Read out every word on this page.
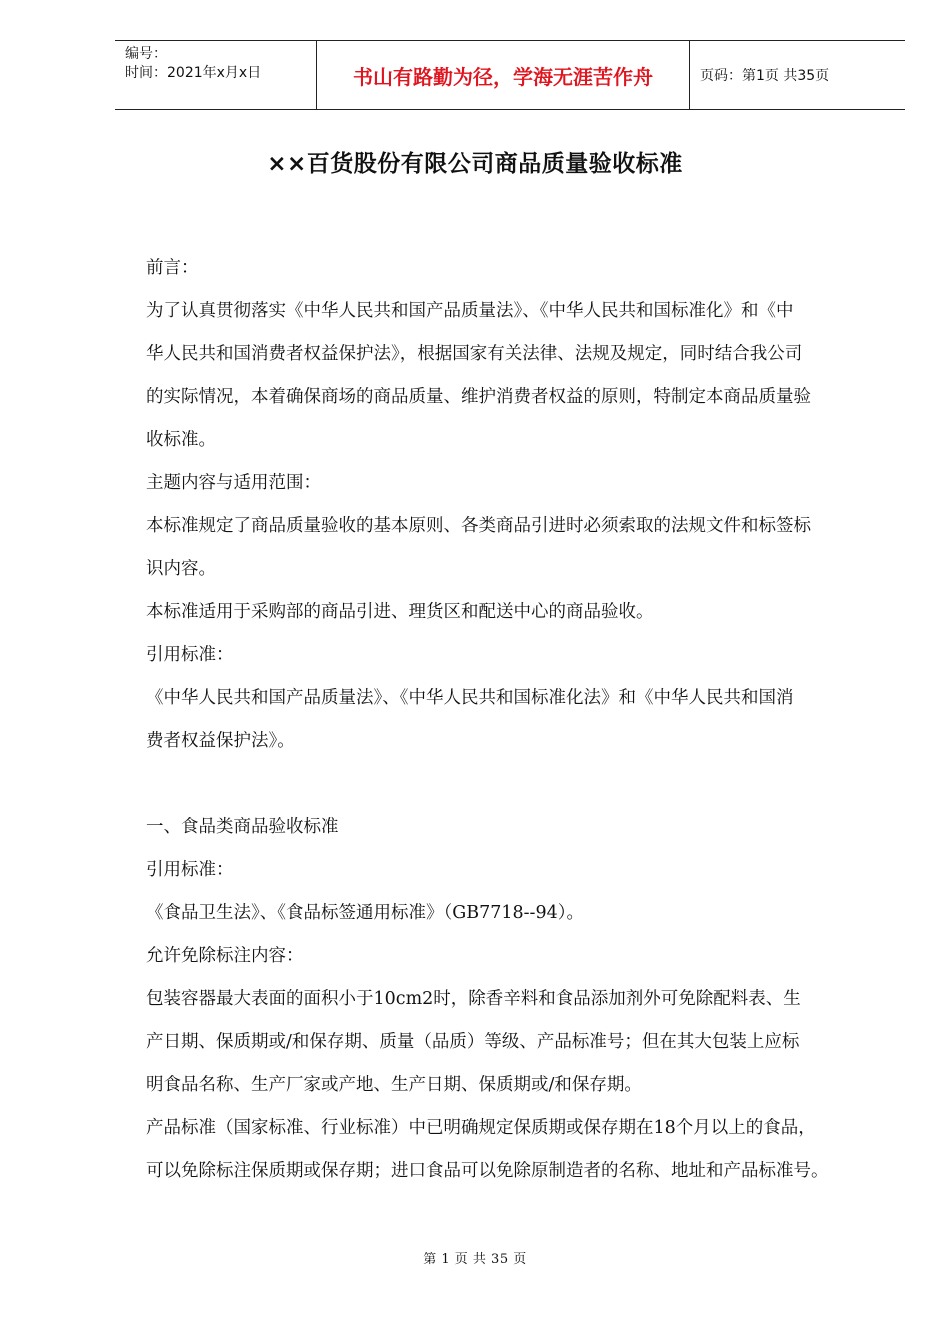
编号：
时间：2021年x月x日	书山有路勤为径，学海无涯苦作舟	页码：第1页 共35页
××百货股份有限公司商品质量验收标准

前言：

为了认真贯彻落实《中华人民共和国产品质量法》、《中华人民共和国标准化》和《中

华人民共和国消费者权益保护法》，根据国家有关法律、法规及规定，同时结合我公司

的实际情况，本着确保商场的商品质量、维护消费者权益的原则，特制定本商品质量验

收标准。

主题内容与适用范围：

本标准规定了商品质量验收的基本原则、各类商品引进时必须索取的法规文件和标签标

识内容。

本标准适用于采购部的商品引进、理货区和配送中心的商品验收。

引用标准：

《中华人民共和国产品质量法》、《中华人民共和国标准化法》和《中华人民共和国消

费者权益保护法》。

一、食品类商品验收标准

引用标准：

《食品卫生法》、《食品标签通用标准》（GB7718--94）。

允许免除标注内容：

包装容器最大表面的面积小于10cm2时，除香辛料和食品添加剂外可免除配料表、生

产日期、保质期或/和保存期、质量（品质）等级、产品标准号；但在其大包装上应标

明食品名称、生产厂家或产地、生产日期、保质期或/和保存期。

产品标准（国家标准、行业标准）中已明确规定保质期或保存期在18个月以上的食品，

可以免除标注保质期或保存期；进口食品可以免除原制造者的名称、地址和产品标准号。

第 1 页 共 35 页
